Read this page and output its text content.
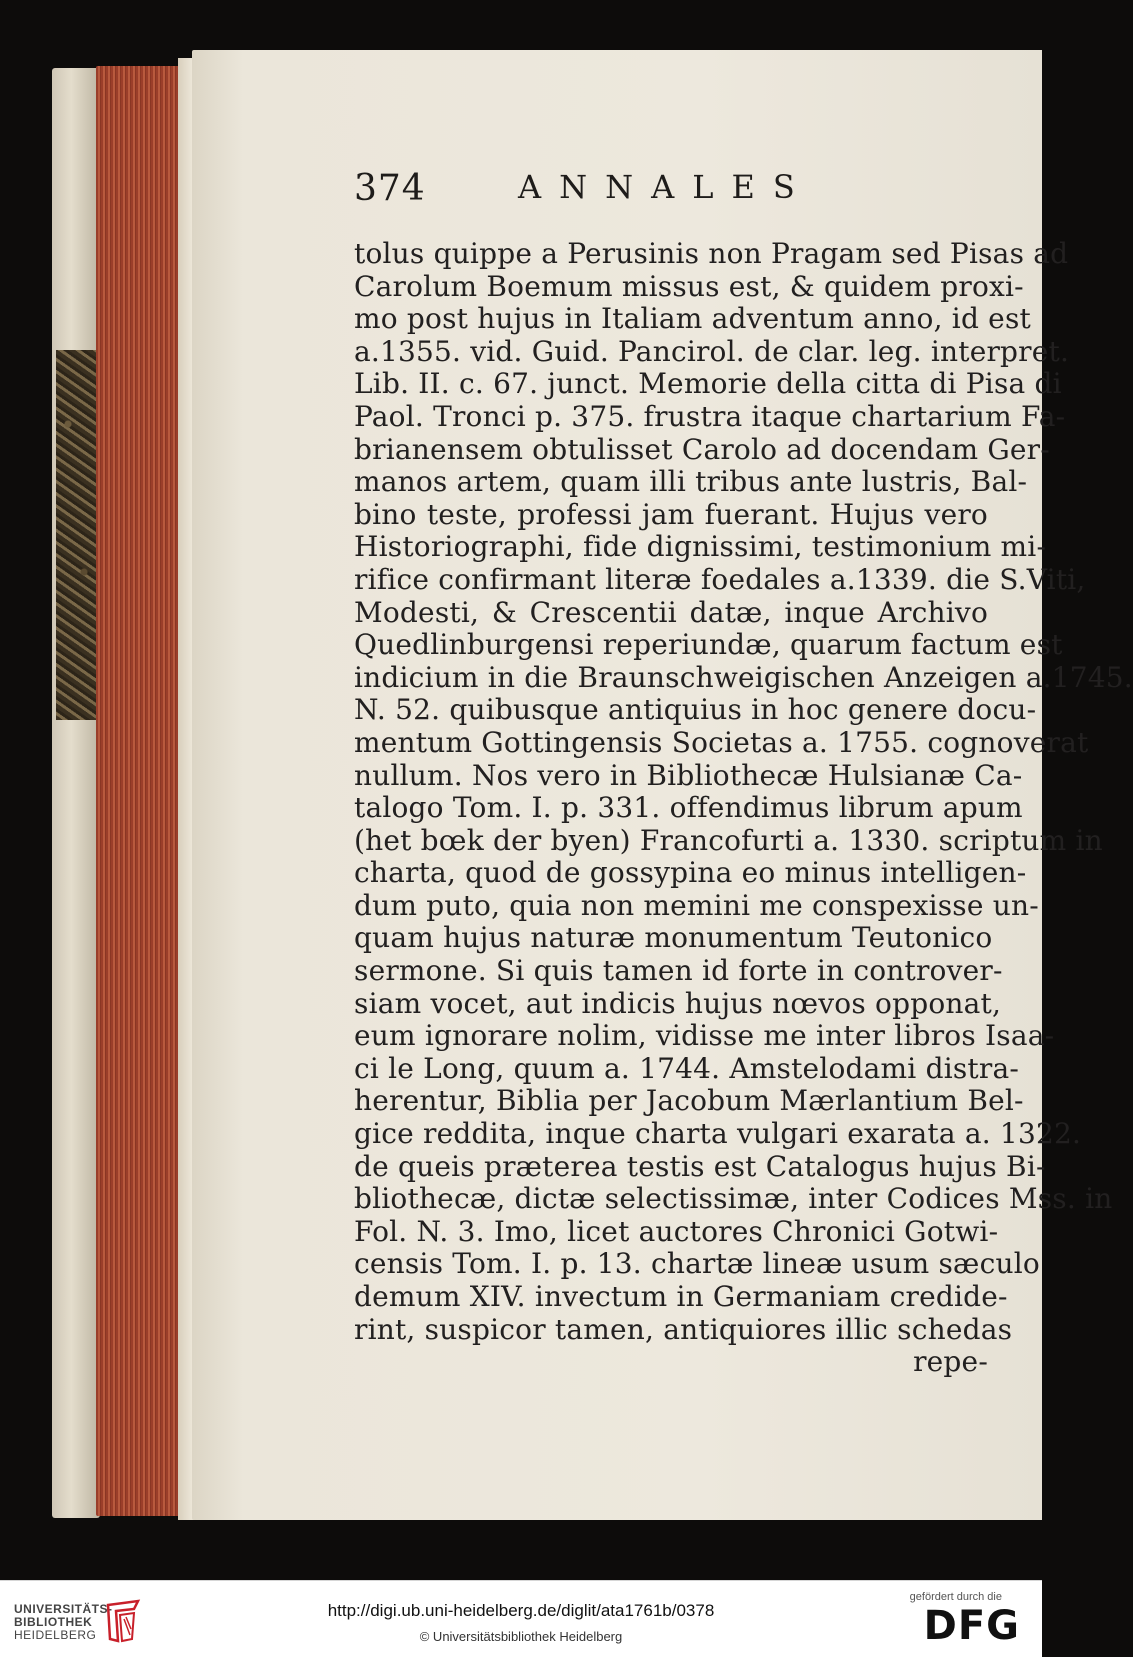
374	ANNALES
tolus quippe a Perusinis non Pragam sed Pisas ad
Carolum Boemum missus est, & quidem proxi-
mo post hujus in Italiam adventum anno, id est
a.1355. vid. Guid. Pancirol. de clar. leg. interpret.
Lib. II. c. 67. junct. Memorie della citta di Pisa di
Paol. Tronci p. 375. frustra itaque chartarium Fa-
brianensem obtulisset Carolo ad docendam Ger-
manos artem, quam illi tribus ante lustris, Bal-
bino teste, professi jam fuerant. Hujus vero
Historiographi, fide dignissimi, testimonium mi-
rifice confirmant literæ foedales a.1339. die S.Viti,
Modesti, & Crescentii datæ, inque Archivo
Quedlinburgensi reperiundæ, quarum factum est
indicium in die Braunschweigischen Anzeigen a.1745.
N. 52. quibusque antiquius in hoc genere docu-
mentum Gottingensis Societas a. 1755. cognoverat
nullum. Nos vero in Bibliothecæ Hulsianæ Ca-
talogo Tom. I. p. 331. offendimus librum apum
(het bœk der byen) Francofurti a. 1330. scriptum in
charta, quod de gossypina eo minus intelligen-
dum puto, quia non memini me conspexisse un-
quam hujus naturæ monumentum Teutonico
sermone. Si quis tamen id forte in controver-
siam vocet, aut indicis hujus nœvos opponat,
eum ignorare nolim, vidisse me inter libros Isaa-
ci le Long, quum a. 1744. Amstelodami distra-
herentur, Biblia per Jacobum Mærlantium Bel-
gice reddita, inque charta vulgari exarata a. 1322.
de queis præterea testis est Catalogus hujus Bi-
bliothecæ, dictæ selectissimæ, inter Codices Mss. in
Fol. N. 3. Imo, licet auctores Chronici Gotwi-
censis Tom. I. p. 13. chartæ lineæ usum sæculo
demum XIV. invectum in Germaniam credide-
rint, suspicor tamen, antiquiores illic schedas
repe-
UNIVERSITÄTS-
BIBLIOTHEK
HEIDELBERG
http://digi.ub.uni-heidelberg.de/diglit/ata1761b/0378
© Universitätsbibliothek Heidelberg
gefördert durch die
DFG
